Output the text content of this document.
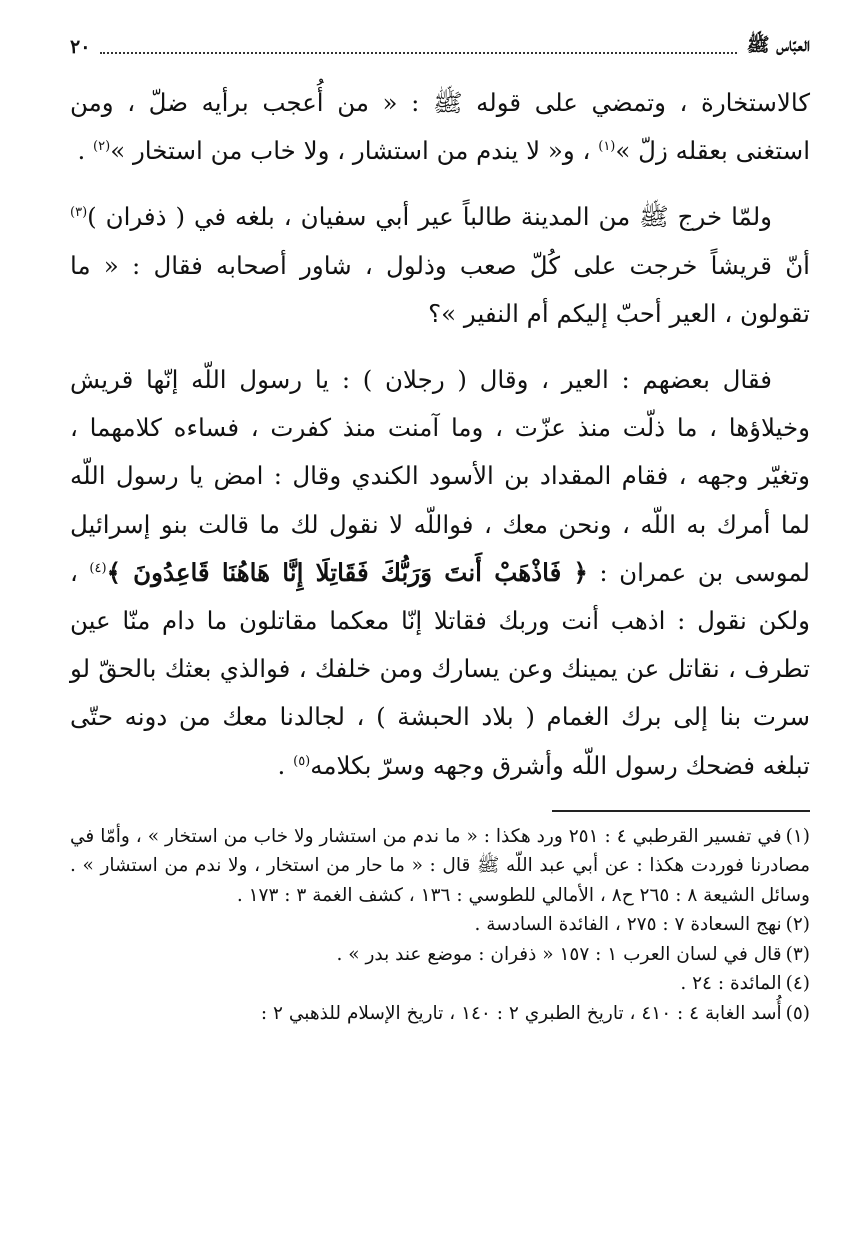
العبّاس ﷺ
٢٠

كالاستخارة ، وتمضي على قوله ﷺ : « من أُعجب برأيه ضلّ ، ومن استغنى بعقله زلّ »$^{(١)}$ ، و« لا يندم من استشار ، ولا خاب من استخار »$^{(٢)}$ .

ولمّا خرج ﷺ من المدينة طالباً عير أبي سفيان ، بلغه في ( ذفران )$^{(٣)}$ أنّ قريشاً خرجت على كُلّ صعب وذلول ، شاور أصحابه فقال : « ما تقولون ، العير أحبّ إليكم أم النفير »؟

فقال بعضهم : العير ، وقال ( رجلان ) : يا رسول اللّه إنّها قريش وخيلاؤها ، ما ذلّت منذ عزّت ، وما آمنت منذ كفرت ، فساءه كلامهما ، وتغيّر وجهه ، فقام المقداد بن الأسود الكندي وقال : امض يا رسول اللّه لما أمرك به اللّه ، ونحن معك ، فواللّه لا نقول لك ما قالت بنو إسرائيل لموسى بن عمران : ﴿ فَاذْهَبْ أَنتَ وَرَبُّكَ فَقَاتِلَا إِنَّا هَاهُنَا قَاعِدُونَ ﴾$^{(٤)}$ ، ولكن نقول : اذهب أنت وربك فقاتلا إنّا معكما مقاتلون ما دام منّا عين تطرف ، نقاتل عن يمينك وعن يسارك ومن خلفك ، فوالذي بعثك بالحقّ لو سرت بنا إلى برك الغمام ( بلاد الحبشة ) ، لجالدنا معك من دونه حتّى تبلغه فضحك رسول اللّه وأشرق وجهه وسرّ بكلامه$^{(٥)}$ .

(١)في تفسير القرطبي ٤ : ٢٥١ ورد هكذا : « ما ندم من استشار ولا خاب من استخار » ، وأمّا في مصادرنا فوردت هكذا : عن أبي عبد اللّه ﷺ قال : « ما حار من استخار ، ولا ندم من استشار » . وسائل الشيعة ٨ : ٢٦٥ ح٨ ، الأمالي للطوسي : ١٣٦ ، كشف الغمة ٣ : ١٧٣ .

(٢)نهج السعادة ٧ : ٢٧٥ ، الفائدة السادسة .

(٣)قال في لسان العرب ١ : ١٥٧ « ذفران : موضع عند بدر » .

(٤)المائدة : ٢٤ .

(٥)أُسد الغابة ٤ : ٤١٠ ، تاريخ الطبري ٢ : ١٤٠ ، تاريخ الإسلام للذهبي ٢ :
